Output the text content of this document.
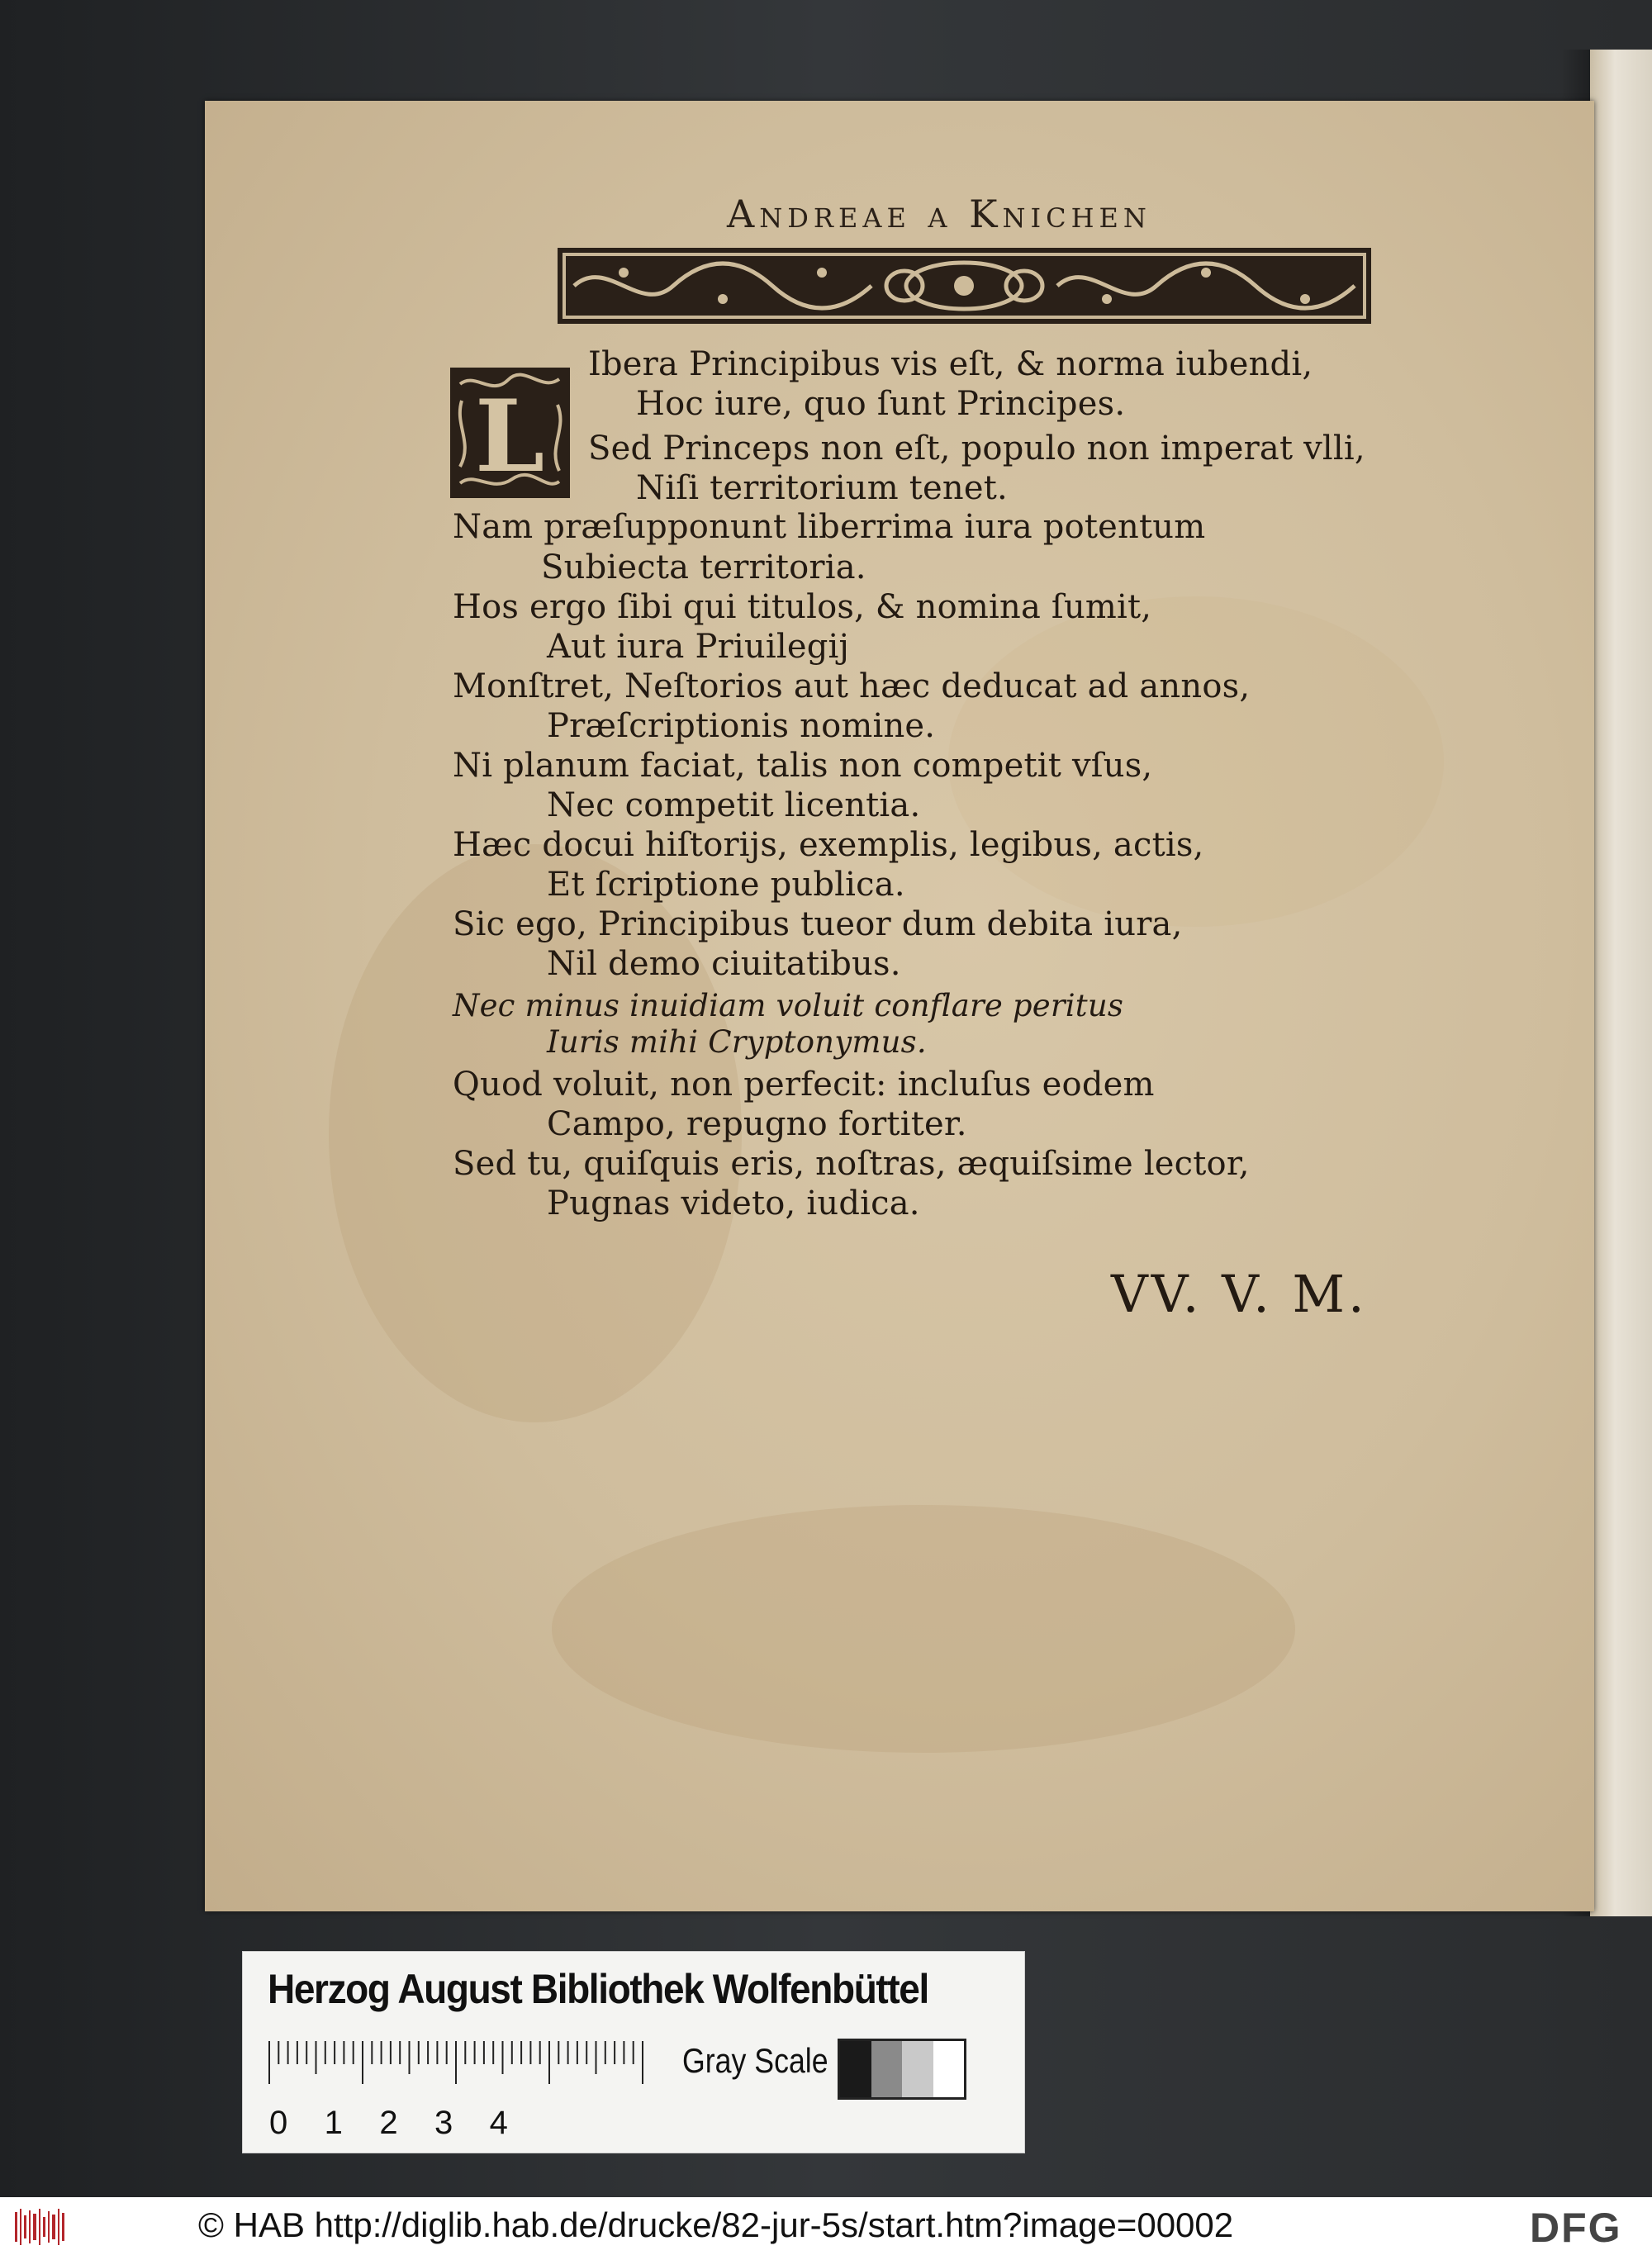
Andreae a Knichen
L
Ibera Principibus vis eſt, & norma iubendi,
Hoc iure, quo ſunt Principes.
Sed Princeps non eſt, populo non imperat vlli,
Niſi territorium tenet.
Nam præſupponunt liberrima iura potentum
Subiecta territoria.
Hos ergo ſibi qui titulos, & nomina ſumit,
Aut iura Priuilegij
Monſtret, Neſtorios aut hæc deducat ad annos,
Præſcriptionis nomine.
Ni planum faciat, talis non competit vſus,
Nec competit licentia.
Hæc docui hiſtorijs, exemplis, legibus, actis,
Et ſcriptione publica.
Sic ego, Principibus tueor dum debita iura,
Nil demo ciuitatibus.
Nec minus inuidiam voluit conflare peritus
Iuris mihi Cryptonymus.
Quod voluit, non perfecit: incluſus eodem
Campo, repugno fortiter.
Sed tu, quiſquis eris, noſtras, æquiſsime lector,
Pugnas videto, iudica.
VV. V. M.
Herzog August Bibliothek Wolfenbüttel
0 1 2 3 4
Gray Scale
© HAB http://diglib.hab.de/drucke/82-jur-5s/start.htm?image=00002	DFG
